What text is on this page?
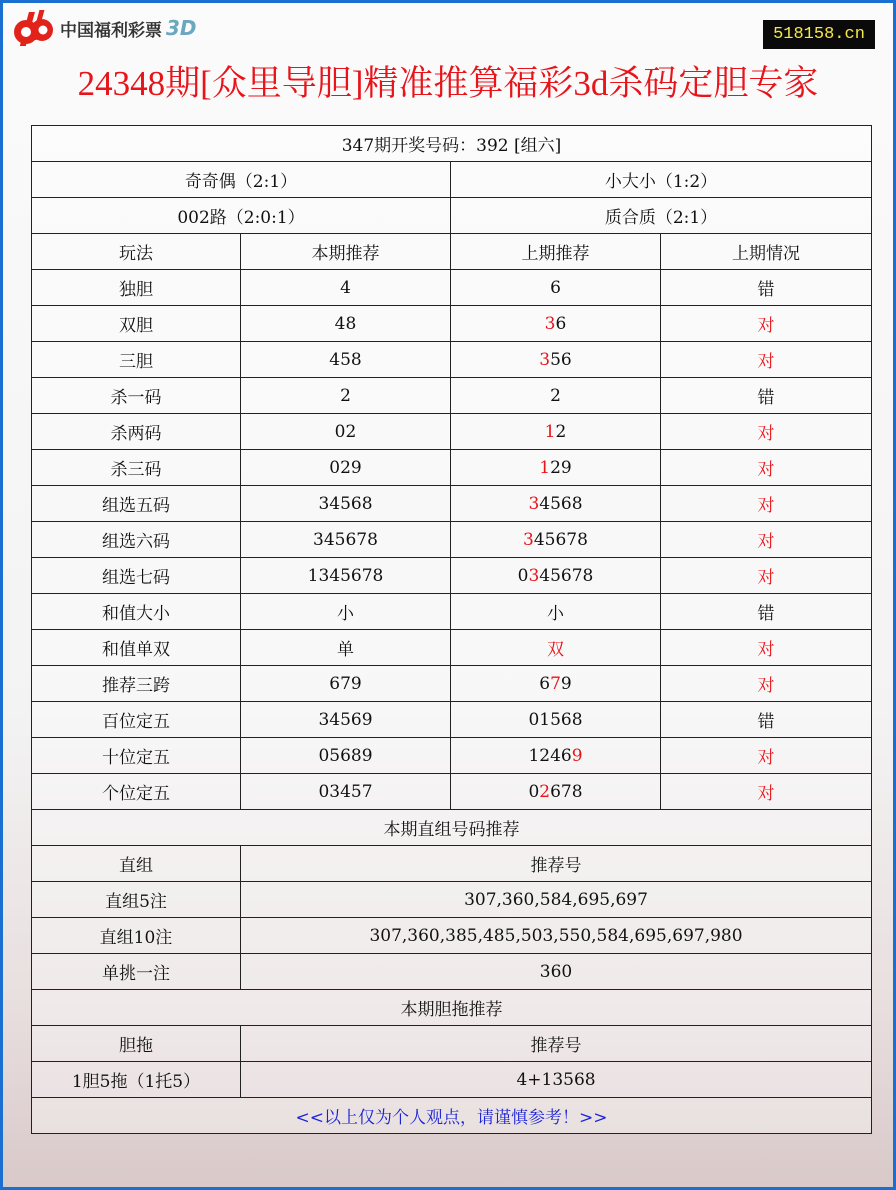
中国福利彩票 3D	518158.cn
24348期[众里导胆]精准推算福彩3d杀码定胆专家
347期开奖号码：392 [组六]			
奇奇偶（2:1）		小大小（1:2）	
002路（2:0:1）		质合质（2:1）	
玩法	本期推荐	上期推荐	上期情况
独胆	4	6	错
双胆	48	36	对
三胆	458	356	对
杀一码	2	2	错
杀两码	02	12	对
杀三码	029	129	对
组选五码	34568	34568	对
组选六码	345678	345678	对
组选七码	1345678	0345678	对
和值大小	小	小	错
和值单双	单	双	对
推荐三跨	679	679	对
百位定五	34569	01568	错
十位定五	05689	12469	对
个位定五	03457	02678	对
本期直组号码推荐			
直组	推荐号		
直组5注	307,360,584,695,697		
直组10注	307,360,385,485,503,550,584,695,697,980		
单挑一注	360		
本期胆拖推荐			
胆拖	推荐号		
1胆5拖（1托5）	4+13568		
<<以上仅为个人观点，请谨慎参考！>>			
